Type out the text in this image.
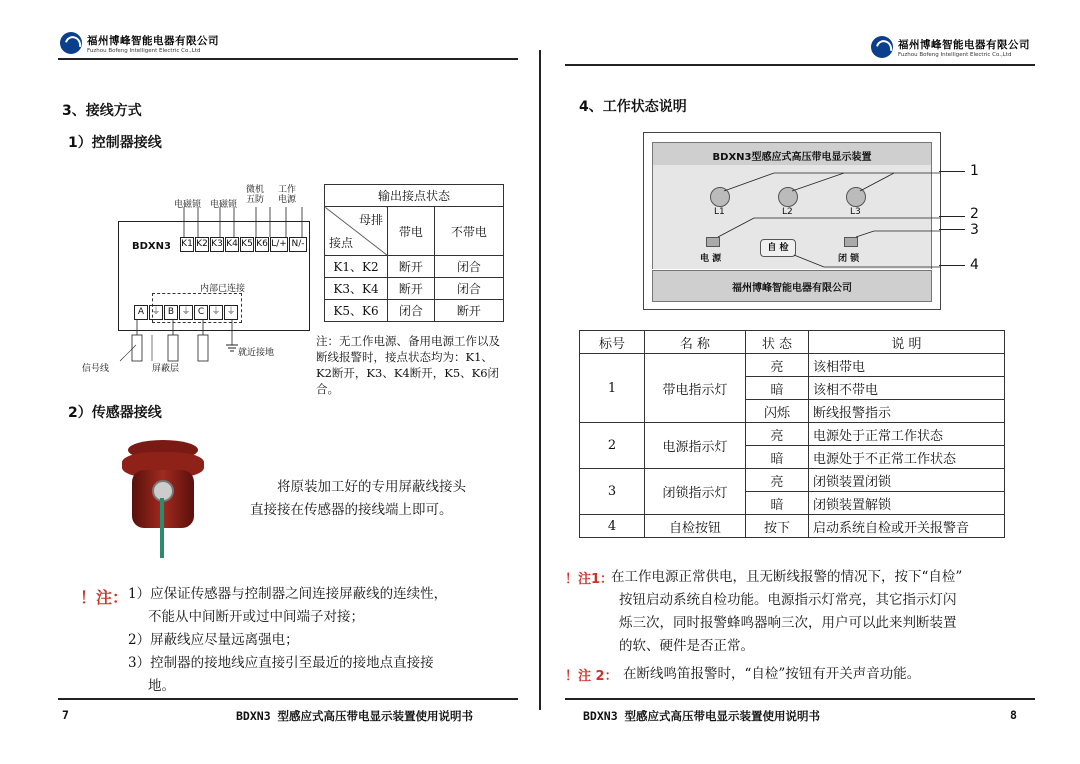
福州博峰智能电器有限公司
Fuzhou Bofeng Intelligent Electric Co.,Ltd
3、接线方式
1）控制器接线
电磁锁 电磁锁
微机
五防
工作
电源
BDXN3 K1 K2 K3 K4 K5 K6 L/+ N/-
内部已连接
A ⏚ B ⏚ C ⏚ ⏚
信号线	屏蔽层
就近接地
输出接点状态		

母排
接点	带电	不带电
K1、K2	断开	闭合
K3、K4	断开	闭合
K5、K6	闭合	断开
注：无工作电源、备用电源工作以及断线报警时，接点状态均为：K1、K2断开，K3、K4断开，K5、K6闭合。
2）传感器接线
将原装加工好的专用屏蔽线接头直接接在传感器的接线端上即可。
！注： 1）应保证传感器与控制器之间连接屏蔽线的连续性，
不能从中间断开或过中间端子对接；
2）屏蔽线应尽量远离强电；
3）控制器的接地线应直接引至最近的接地点直接接
地。
7	BDXN3 型感应式高压带电显示装置使用说明书
福州博峰智能电器有限公司
Fuzhou Bofeng Intelligent Electric Co.,Ltd
4、工作状态说明
BDXN3型感应式高压带电显示装置
L1	L2	L3
电 源
自 检
闭 锁
福州博峰智能电器有限公司
1
2
3
4
标号	名 称	状 态	说 明
1	带电指示灯	亮	该相带电
		暗	该相不带电
		闪烁	断线报警指示
2	电源指示灯	亮	电源处于正常工作状态
		暗	电源处于不正常工作状态
3	闭锁指示灯	亮	闭锁装置闭锁
		暗	闭锁装置解锁
4	自检按钮	按下	启动系统自检或开关报警音
！注1：
在工作电源正常供电，且无断线报警的情况下，按下“自检”
按钮启动系统自检功能。电源指示灯常亮，其它指示灯闪
烁三次，同时报警蜂鸣器响三次，用户可以此来判断装置
的软、硬件是否正常。
！注 2： 在断线鸣笛报警时，“自检”按钮有开关声音功能。
BDXN3 型感应式高压带电显示装置使用说明书	8
